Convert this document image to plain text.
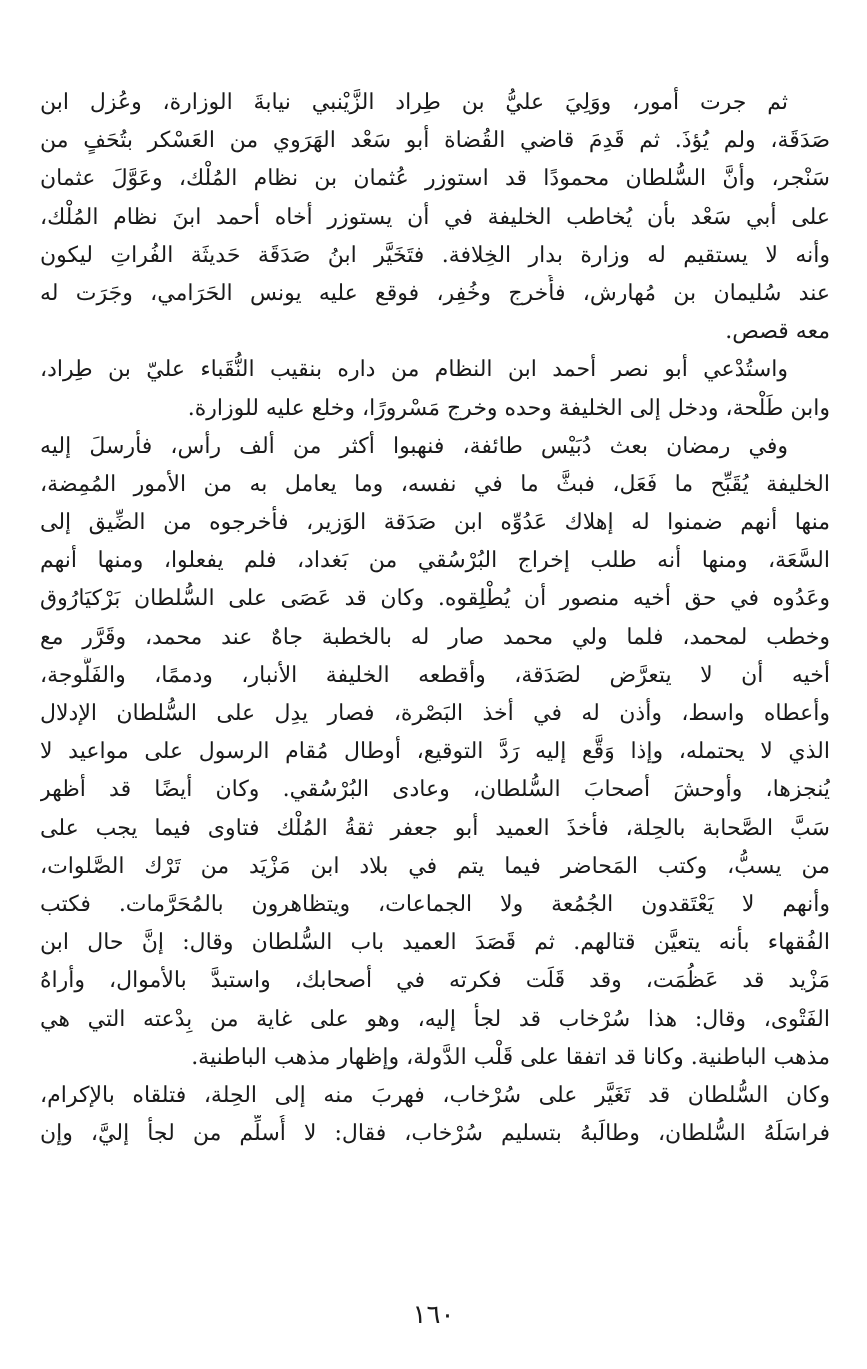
ثم جرت أمور، ووَلِيَ عليُّ بن طِراد الزَّيْنبي نيابةَ الوزارة، وعُزل ابن
صَدَقَة، ولم يُؤذَ. ثم قَدِمَ قاضي القُضاة أبو سَعْد الهَرَوي من العَسْكر بتُحَفٍ من
سَنْجر، وأنَّ السُّلطان محمودًا قد استوزر عُثمان بن نظام المُلْك، وعَوَّلَ عثمان
على أبي سَعْد بأن يُخاطب الخليفة في أن يستوزر أخاه أحمد ابنَ نظام المُلْك،
وأنه لا يستقيم له وزارة بدار الخِلافة. فتَخَيَّر ابنُ صَدَقَة حَديثَة الفُراتِ ليكون
عند سُليمان بن مُهارش، فأُخرج وخُفِر، فوقع عليه يونس الحَرَامي، وجَرَت له
معه قصص.
واستُدْعي أبو نصر أحمد ابن النظام من داره بنقيب النُّقَباء عليّ بن طِراد،
وابن طَلْحة، ودخل إلى الخليفة وحده وخرج مَسْرورًا، وخلع عليه للوزارة.
وفي رمضان بعث دُبَيْس طائفة، فنهبوا أكثر من ألف رأس، فأرسلَ إليه
الخليفة يُقَبِّح ما فَعَل، فبثَّ ما في نفسه، وما يعامل به من الأمور المُمِضة،
منها أنهم ضمنوا له إهلاك عَدُوِّه ابن صَدَقة الوَزير، فأخرجوه من الضِّيق إلى
السَّعَة، ومنها أنه طلب إخراج البُرْسُقي من بَغداد، فلم يفعلوا، ومنها أنهم
وعَدُوه في حق أخيه منصور أن يُطْلِقوه. وكان قد عَصَى على السُّلطان بَرْكيَارُوق
وخطب لمحمد، فلما ولي محمد صار له بالخطبة جاهٌ عند محمد، وقَرَّر مع
أخيه أن لا يتعرَّض لصَدَقة، وأقطعه الخليفة الأنبار، ودممًا، والفَلُّوجة،
وأعطاه واسط، وأذن له في أخذ البَصْرة، فصار يدِل على السُّلطان الإدلال
الذي لا يحتمله، وإذا وَقَّع إليه رَدَّ التوقيع، أوطال مُقام الرسول على مواعيد لا
يُنجزها، وأوحشَ أصحابَ السُّلطان، وعادى البُرْسُقي. وكان أيضًا قد أظهر
سَبَّ الصَّحابة بالحِلة، فأخذَ العميد أبو جعفر ثقةُ المُلْك فتاوى فيما يجب على
من يسبُّ، وكتب المَحاضر فيما يتم في بلاد ابن مَزْيَد من تَرْك الصَّلوات،
وأنهم لا يَعْتَقدون الجُمُعة ولا الجماعات، ويتظاهرون بالمُحَرَّمات. فكتب
الفُقهاء بأنه يتعيَّن قتالهم. ثم قَصَدَ العميد باب السُّلطان وقال: إنَّ حال ابن
مَزْيد قد عَظُمَت، وقد قَلَت فكرته في أصحابك، واستبدَّ بالأموال، وأراهُ
الفَتْوى، وقال: هذا سُرْخاب قد لجأ إليه، وهو على غاية من بِدْعته التي هي
مذهب الباطنية. وكانا قد اتفقا على قَلْب الدَّولة، وإظهار مذهب الباطنية.
وكان السُّلطان قد تَغَيَّر على سُرْخاب، فهربَ منه إلى الحِلة، فتلقاه بالإكرام،
فراسَلَهُ السُّلطان، وطالَبهُ بتسليم سُرْخاب، فقال: لا أُسلِّم من لجأ إليَّ، وإن
١٦٠
